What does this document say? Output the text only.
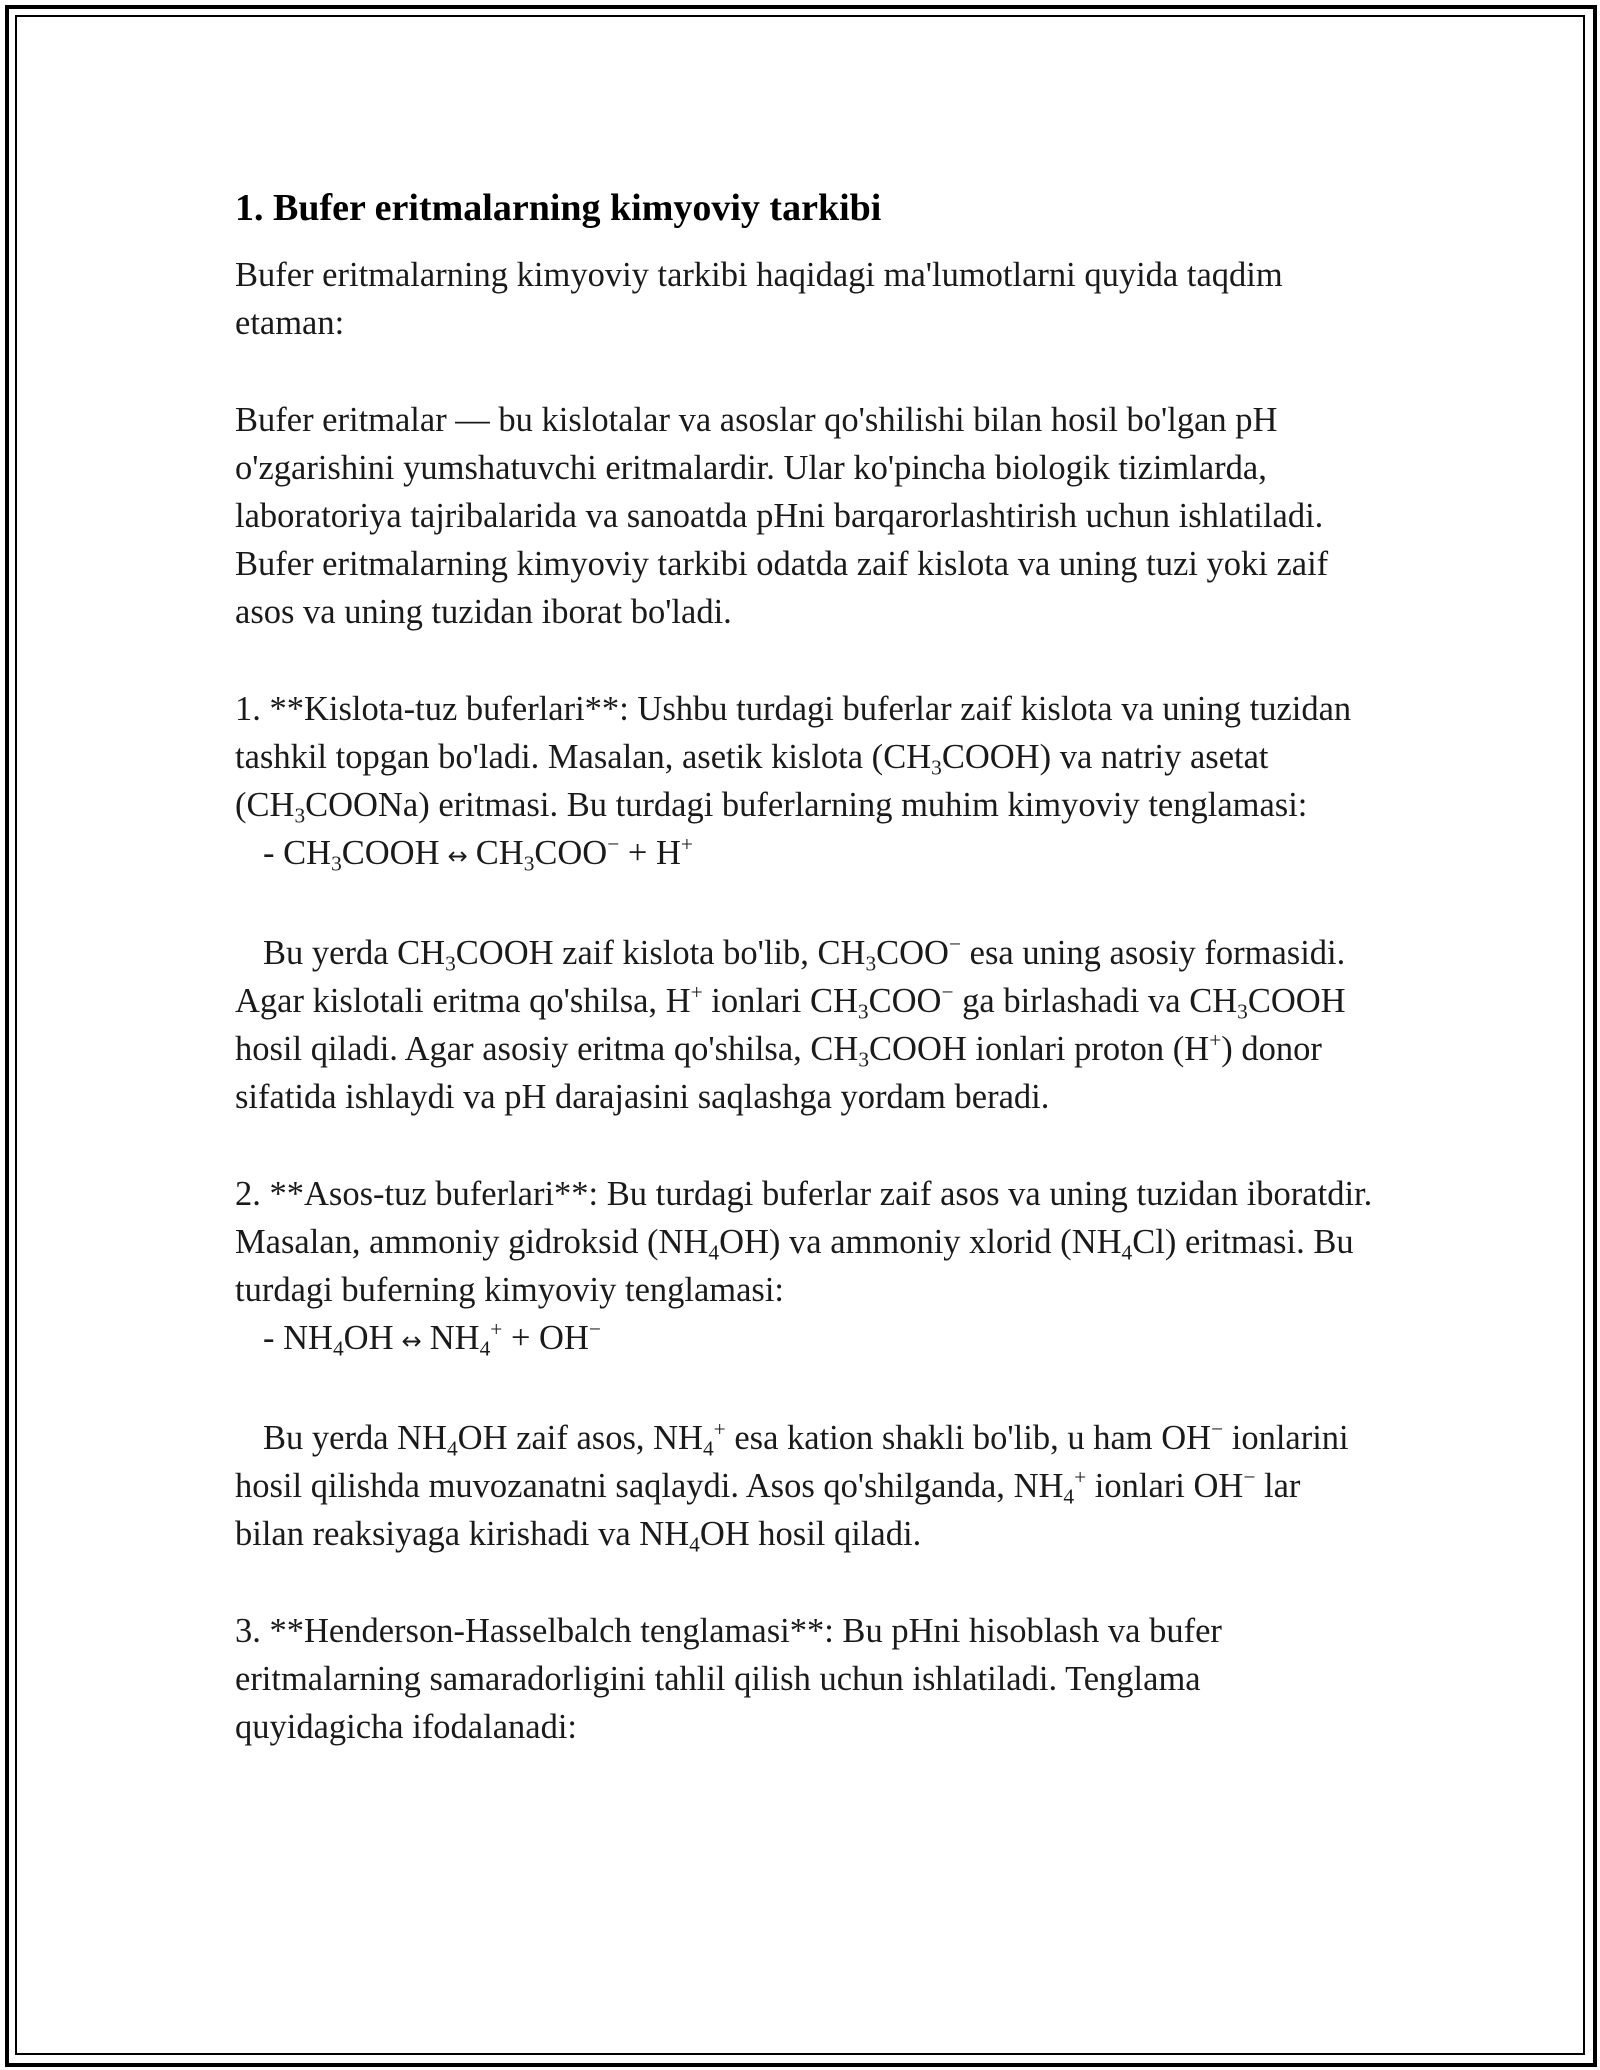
1. Bufer eritmalarning kimyoviy tarkibi

Bufer eritmalarning kimyoviy tarkibi haqidagi ma'lumotlarni quyida taqdim etaman:

Bufer eritmalar — bu kislotalar va asoslar qo'shilishi bilan hosil bo'lgan pH o'zgarishini yumshatuvchi eritmalardir. Ular ko'pincha biologik tizimlarda, laboratoriya tajribalarida va sanoatda pHni barqarorlashtirish uchun ishlatiladi. Bufer eritmalarning kimyoviy tarkibi odatda zaif kislota va uning tuzi yoki zaif asos va uning tuzidan iborat bo'ladi.

1. **Kislota-tuz buferlari**: Ushbu turdagi buferlar zaif kislota va uning tuzidan tashkil topgan bo'ladi. Masalan, asetik kislota $(CH_3COOH)$ va natriy asetat $(CH_3COONa)$ eritmasi. Bu turdagi buferlarning muhim kimyoviy tenglamasi:

- $CH_3COOH$ ↔ $CH_3COO^- + H^+$

Bu yerda $CH_3COOH$ zaif kislota bo'lib, $CH_3COO^-$ esa uning asosiy formasidi. Agar kislotali eritma qo'shilsa, H+ ionlari $CH_3COO^-$ ga birlashadi va $CH_3COOH$ hosil qiladi. Agar asosiy eritma qo'shilsa, $CH_3COOH$ ionlari proton (H+) donor sifatida ishlaydi va pH darajasini saqlashga yordam beradi.

2. **Asos-tuz buferlari**: Bu turdagi buferlar zaif asos va uning tuzidan iboratdir. Masalan, ammoniy gidroksid $(NH_4OH)$ va ammoniy xlorid $(NH_4Cl)$ eritmasi. Bu turdagi buferning kimyoviy tenglamasi:

- $NH_4OH$ ↔ $NH_4^+ + OH^-$

Bu yerda $NH_4OH$ zaif asos, $NH_4^+$ esa kation shakli bo'lib, u ham OH− ionlarini hosil qilishda muvozanatni saqlaydi. Asos qo'shilganda, $NH_4^+$ ionlari OH− lar bilan reaksiyaga kirishadi va $NH_4OH$ hosil qiladi.

3. **Henderson-Hasselbalch tenglamasi**: Bu pHni hisoblash va bufer eritmalarning samaradorligini tahlil qilish uchun ishlatiladi. Tenglama quyidagicha ifodalanadi:
